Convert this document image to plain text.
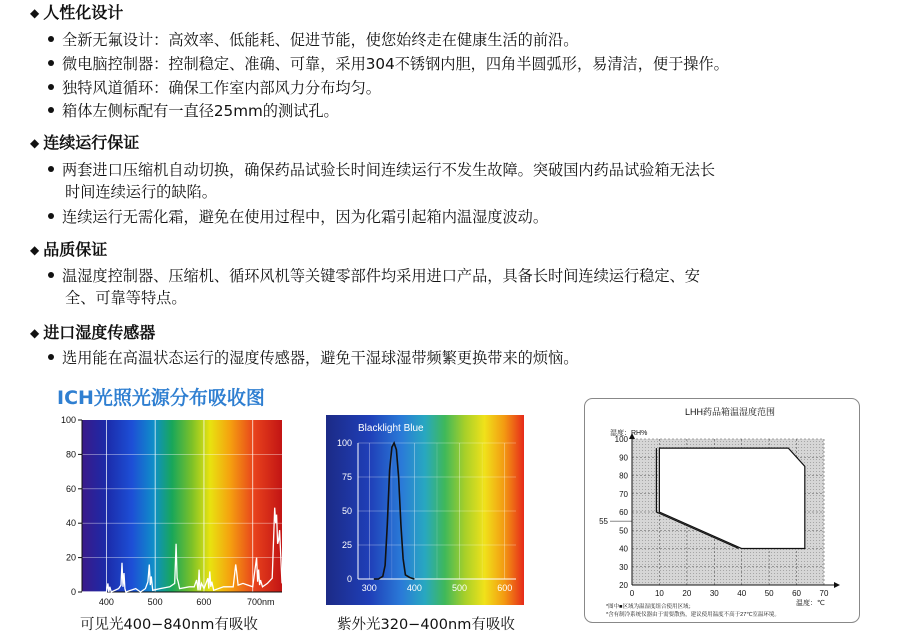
◆ 人性化设计
全新无氟设计：高效率、低能耗、促进节能，使您始终走在健康生活的前沿。
微电脑控制器：控制稳定、准确、可靠，采用304不锈钢内胆，四角半圆弧形，易清洁，便于操作。
独特风道循环：确保工作室内部风力分布均匀。
箱体左侧标配有一直径25mm的测试孔。
◆ 连续运行保证
两套进口压缩机自动切换，确保药品试验长时间连续运行不发生故障。突破国内药品试验箱无法长
时间连续运行的缺陷。
连续运行无需化霜，避免在使用过程中，因为化霜引起箱内温湿度波动。
◆ 品质保证
温湿度控制器、压缩机、循环风机等关键零部件均采用进口产品，具备长时间连续运行稳定、安
全、可靠等特点。
◆ 进口湿度传感器
选用能在高温状态运行的湿度传感器，避免干湿球湿带频繁更换带来的烦恼。
ICH光照光源分布吸收图
0
20
40
60
80
100
400	500	600	700nm
可见光400−840nm有吸收
Blacklight Blue
0
25
50
75
100
300	400	500	600
紫外光320−400nm有吸收
LHH药品箱温湿度范围
20
30
40
50
60
70
80
90
100
55
0	10 20 30 40 50 60 70
湿度：RH%
温度：℃
*图中■区域为温湿度组合使用区域；
*含有制冷系统仪器由于需要散热，建议使用温度不高于27℃室温环境。
